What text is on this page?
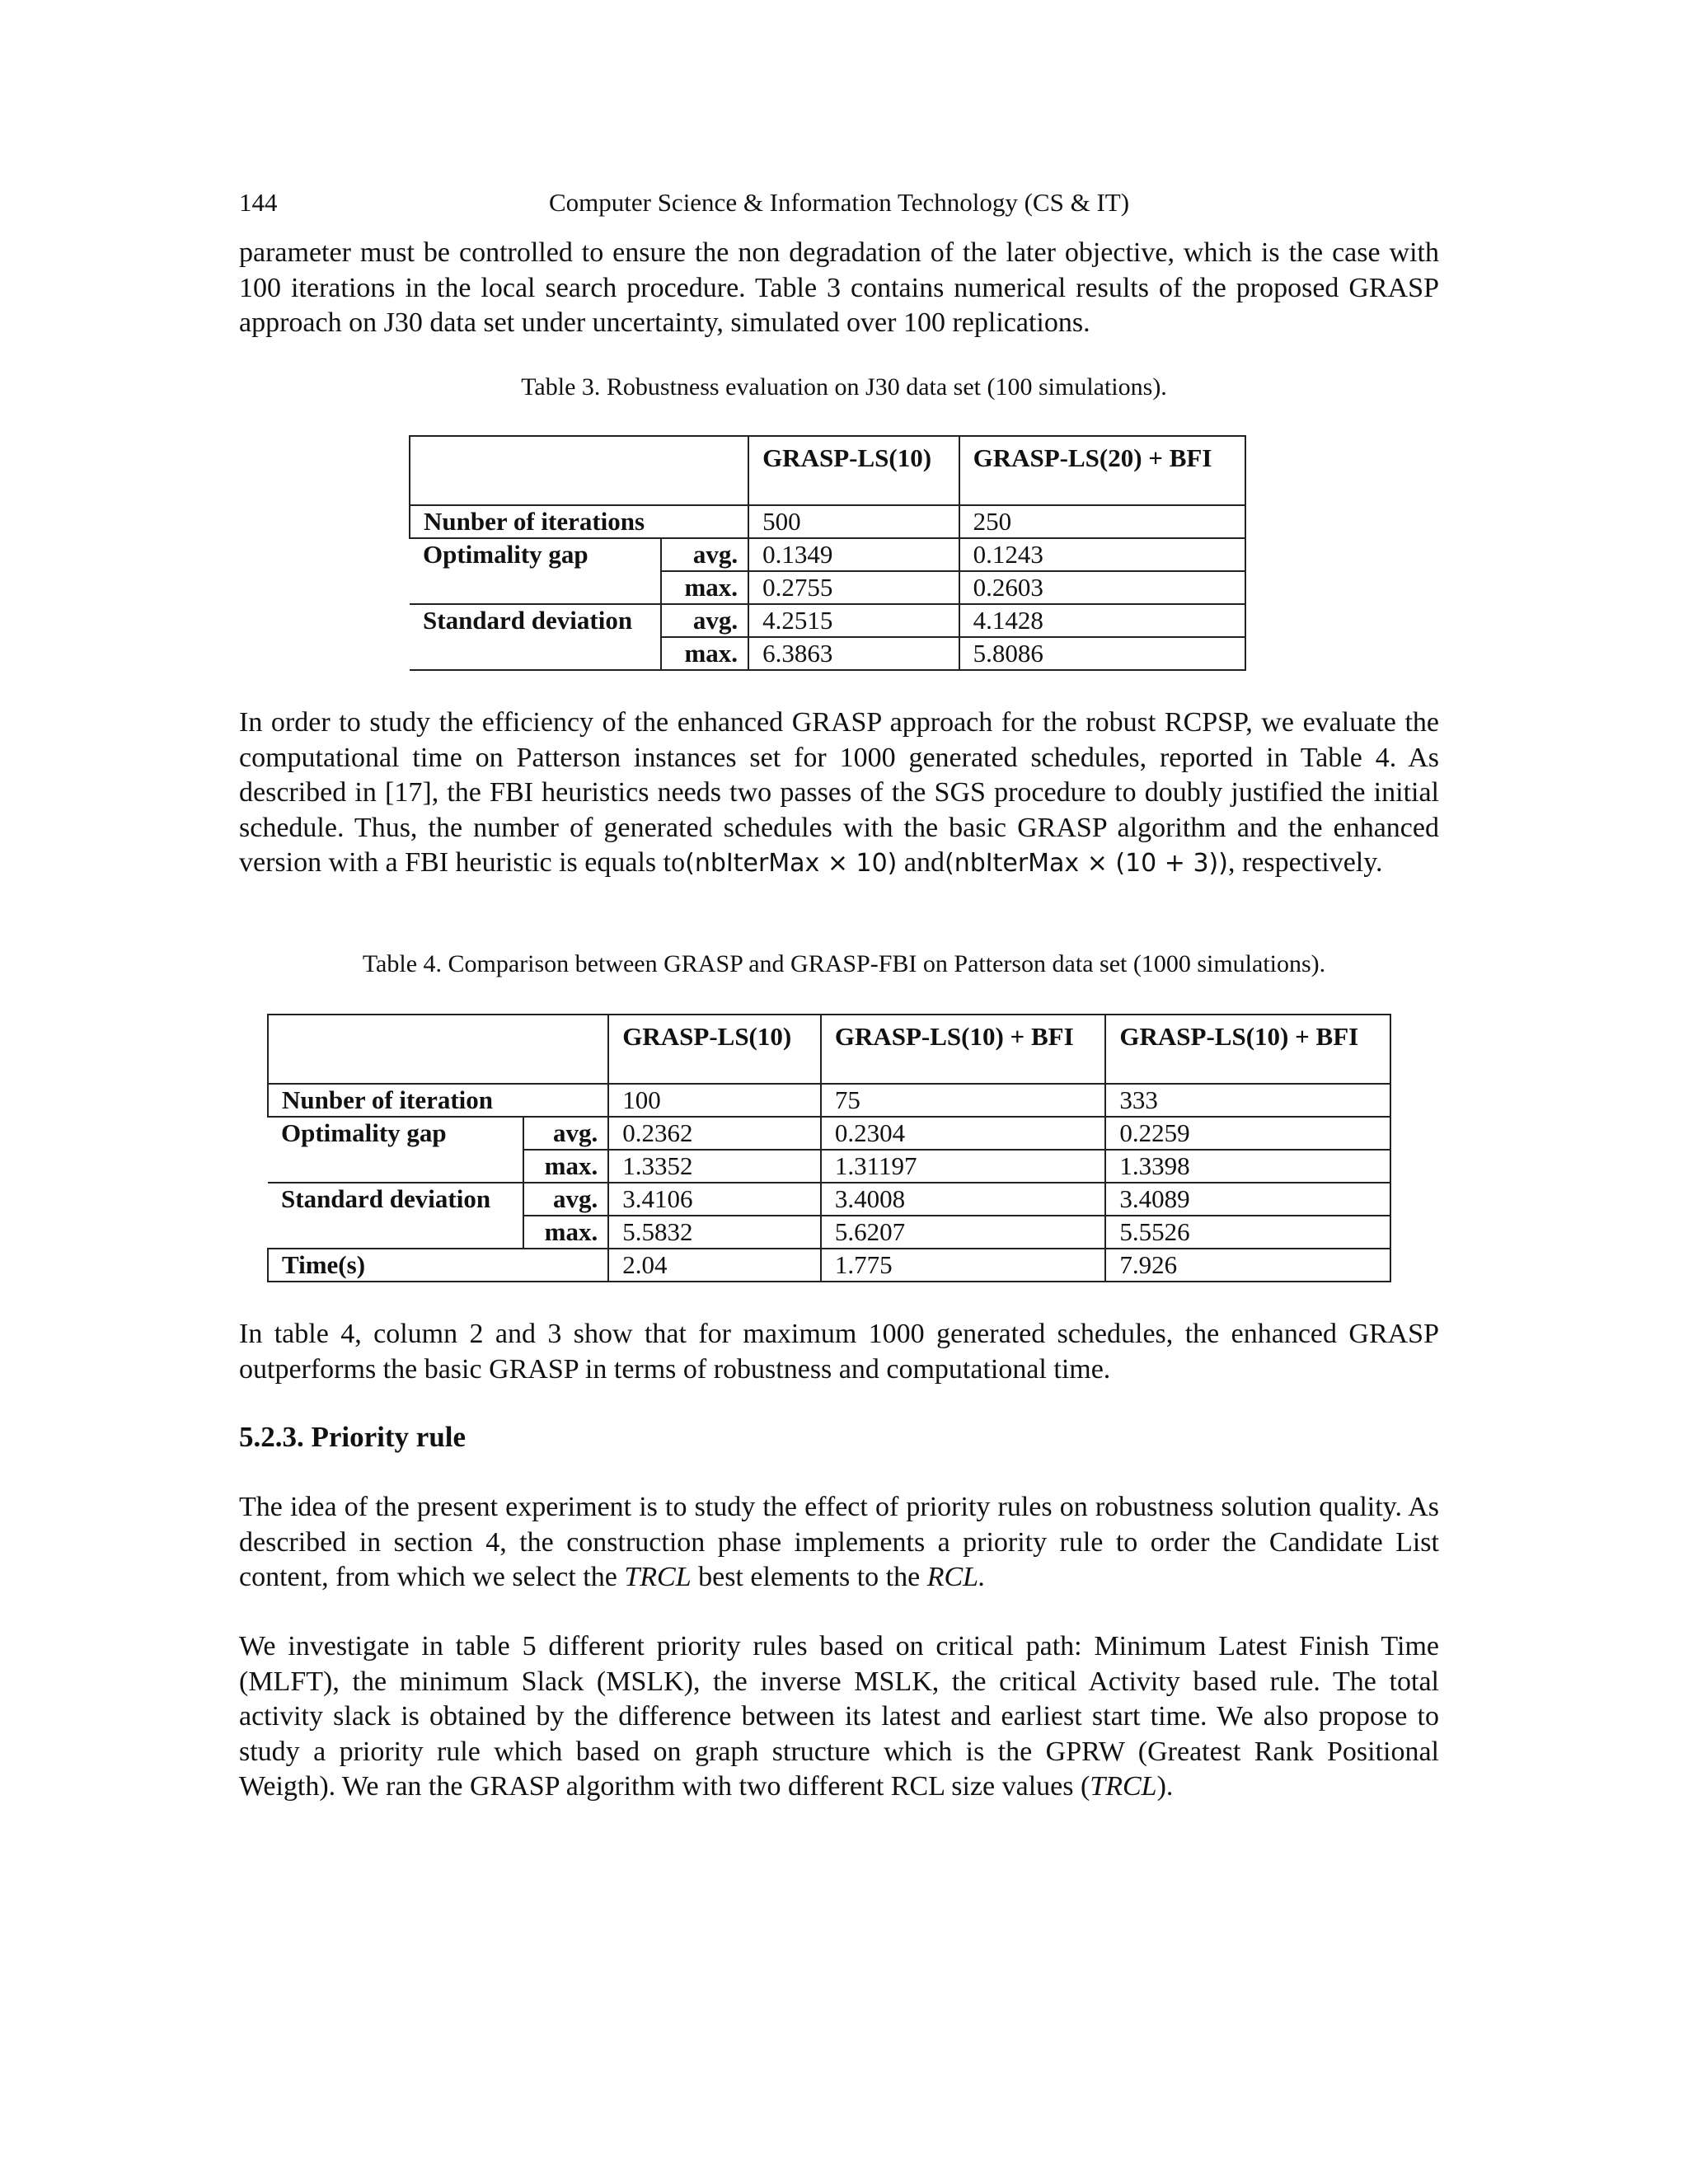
144	Computer Science & Information Technology (CS & IT)

parameter must be controlled to ensure the non degradation of the later objective, which is the case with 100 iterations in the local search procedure. Table 3 contains numerical results of the proposed GRASP approach on J30 data set under uncertainty, simulated over 100 replications.

Table 3. Robustness evaluation on J30 data set (100 simulations).

		GRASP-LS(10)	GRASP-LS(20) + BFI
Nunber of iterations		500	250
Optimality gap	avg.	0.1349	0.1243
	max.	0.2755	0.2603
Standard deviation	avg.	4.2515	4.1428
	max.	6.3863	5.8086

In order to study the efficiency of the enhanced GRASP approach for the robust RCPSP, we evaluate the computational time on Patterson instances set for 1000 generated schedules, reported in Table 4. As described in [17], the FBI heuristics needs two passes of the SGS procedure to doubly justified the initial schedule. Thus, the number of generated schedules with the basic GRASP algorithm and the enhanced version with a FBI heuristic is equals to(nbIterMax × 10) and(nbIterMax × (10 + 3)), respectively.

Table 4. Comparison between GRASP and GRASP-FBI on Patterson data set (1000 simulations).

		GRASP-LS(10)	GRASP-LS(10) + BFI	GRASP-LS(10) + BFI
Nunber of iteration		100	75	333
Optimality gap	avg.	0.2362	0.2304	0.2259
	max.	1.3352	1.31197	1.3398
Standard deviation	avg.	3.4106	3.4008	3.4089
	max.	5.5832	5.6207	5.5526
Time(s)		2.04	1.775	7.926

In table 4, column 2 and 3 show that for maximum 1000 generated schedules, the enhanced GRASP outperforms the basic GRASP in terms of robustness and computational time.

5.2.3. Priority rule

The idea of the present experiment is to study the effect of priority rules on robustness solution quality. As described in section 4, the construction phase implements a priority rule to order the Candidate List content, from which we select the TRCL best elements to the RCL.

We investigate in table 5 different priority rules based on critical path: Minimum Latest Finish Time (MLFT), the minimum Slack (MSLK), the inverse MSLK, the critical Activity based rule. The total activity slack is obtained by the difference between its latest and earliest start time. We also propose to study a priority rule which based on graph structure which is the GPRW (Greatest Rank Positional Weigth). We ran the GRASP algorithm with two different RCL size values (TRCL).
